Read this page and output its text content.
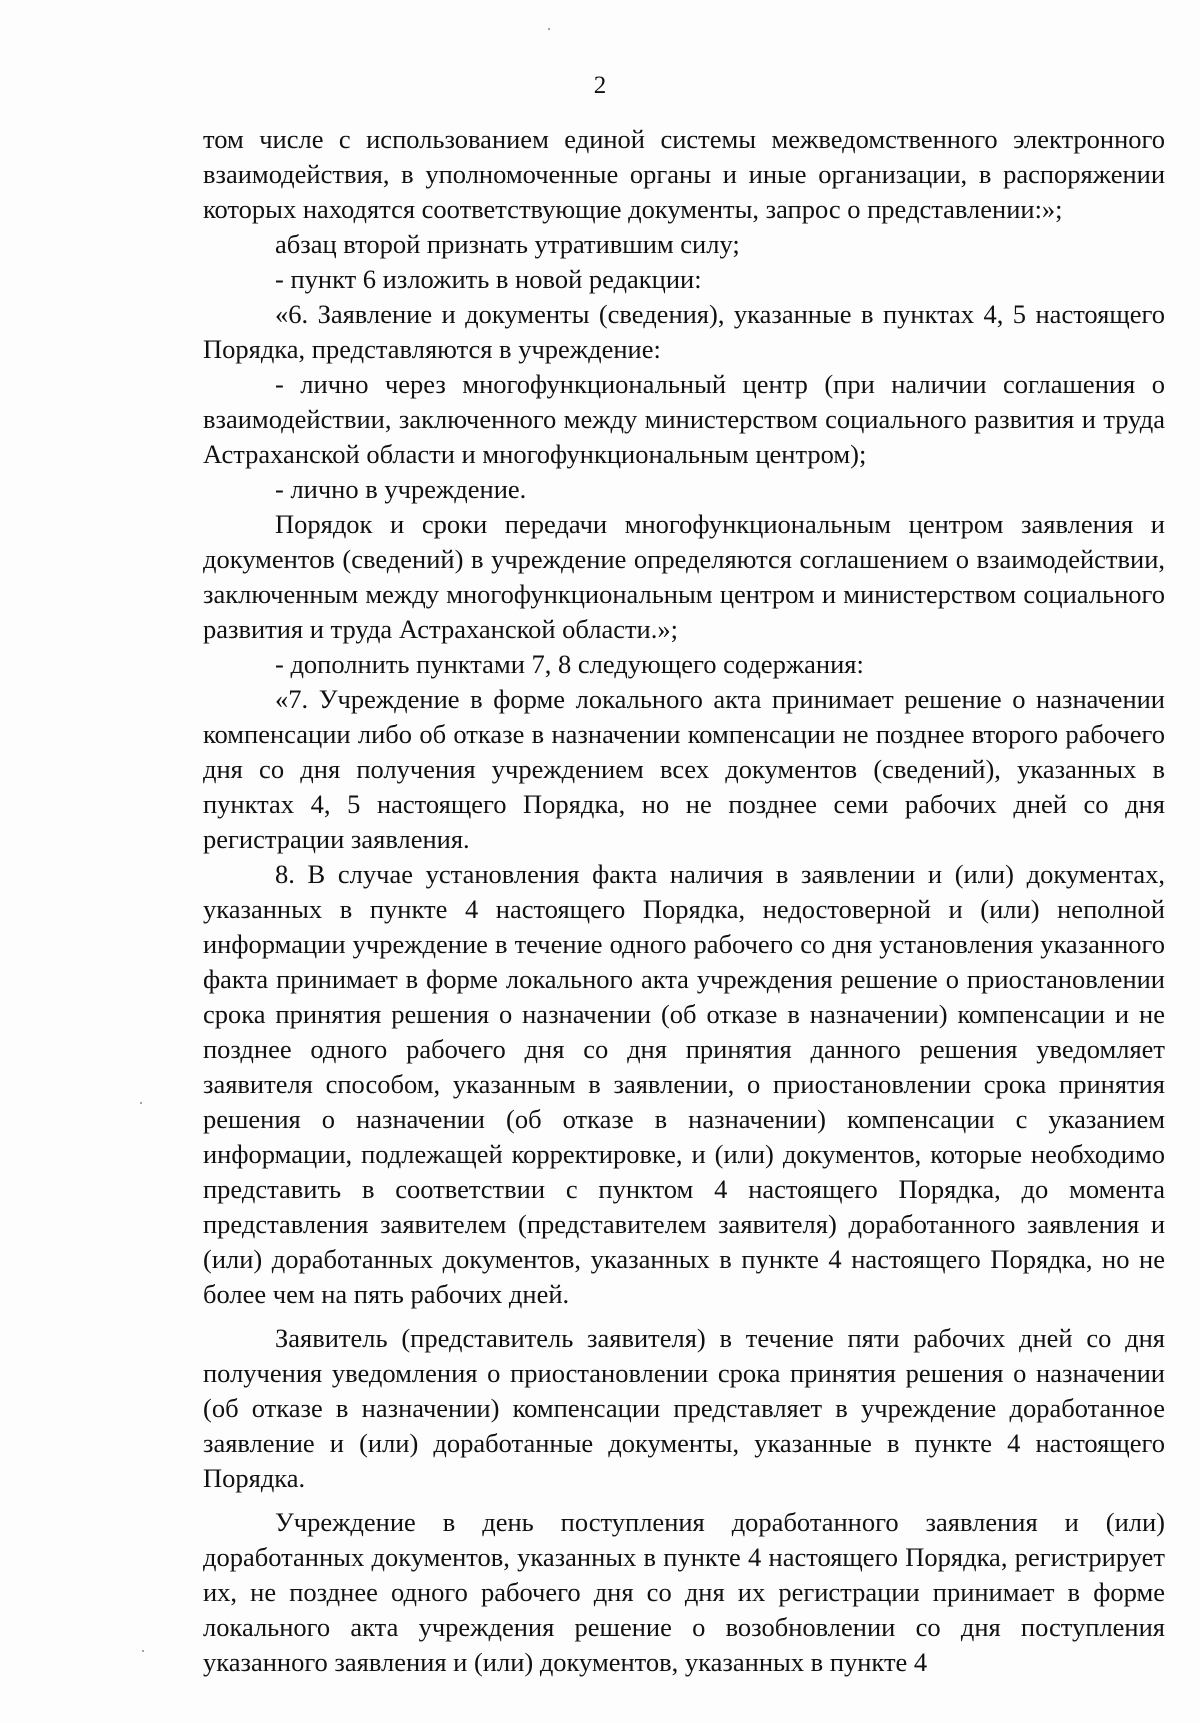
2

том числе с использованием единой системы межведомственного электронного взаимодействия, в уполномоченные органы и иные организации, в распоряжении которых находятся соответствующие документы, запрос о представлении:»;

абзац второй признать утратившим силу;

- пункт 6 изложить в новой редакции:

«6. Заявление и документы (сведения), указанные в пунктах 4, 5 настоящего Порядка, представляются в учреждение:

- лично через многофункциональный центр (при наличии соглашения о взаимодействии, заключенного между министерством социального развития и труда Астраханской области и многофункциональным центром);

- лично в учреждение.

Порядок и сроки передачи многофункциональным центром заявления и документов (сведений) в учреждение определяются соглашением о взаимодействии, заключенным между многофункциональным центром и министерством социального развития и труда Астраханской области.»;

- дополнить пунктами 7, 8 следующего содержания:

«7. Учреждение в форме локального акта принимает решение о назначении компенсации либо об отказе в назначении компенсации не позднее второго рабочего дня со дня получения учреждением всех документов (сведений), указанных в пунктах 4, 5 настоящего Порядка, но не позднее семи рабочих дней со дня регистрации заявления.

8. В случае установления факта наличия в заявлении и (или) документах, указанных в пункте 4 настоящего Порядка, недостоверной и (или) неполной информации учреждение в течение одного рабочего со дня установления указанного факта принимает в форме локального акта учреждения решение о приостановлении срока принятия решения о назначении (об отказе в назначении) компенсации и не позднее одного рабочего дня со дня принятия данного решения уведомляет заявителя способом, указанным в заявлении, о приостановлении срока принятия решения о назначении (об отказе в назначении) компенсации с указанием информации, подлежащей корректировке, и (или) документов, которые необходимо представить в соответствии с пунктом 4 настоящего Порядка, до момента представления заявителем (представителем заявителя) доработанного заявления и (или) доработанных документов, указанных в пункте 4 настоящего Порядка, но не более чем на пять рабочих дней.

Заявитель (представитель заявителя) в течение пяти рабочих дней со дня получения уведомления о приостановлении срока принятия решения о назначении (об отказе в назначении) компенсации представляет в учреждение доработанное заявление и (или) доработанные документы, указанные в пункте 4 настоящего Порядка.

Учреждение в день поступления доработанного заявления и (или) доработанных документов, указанных в пункте 4 настоящего Порядка, регистрирует их, не позднее одного рабочего дня со дня их регистрации принимает в форме локального акта учреждения решение о возобновлении со дня поступления указанного заявления и (или) документов, указанных в пункте 4
